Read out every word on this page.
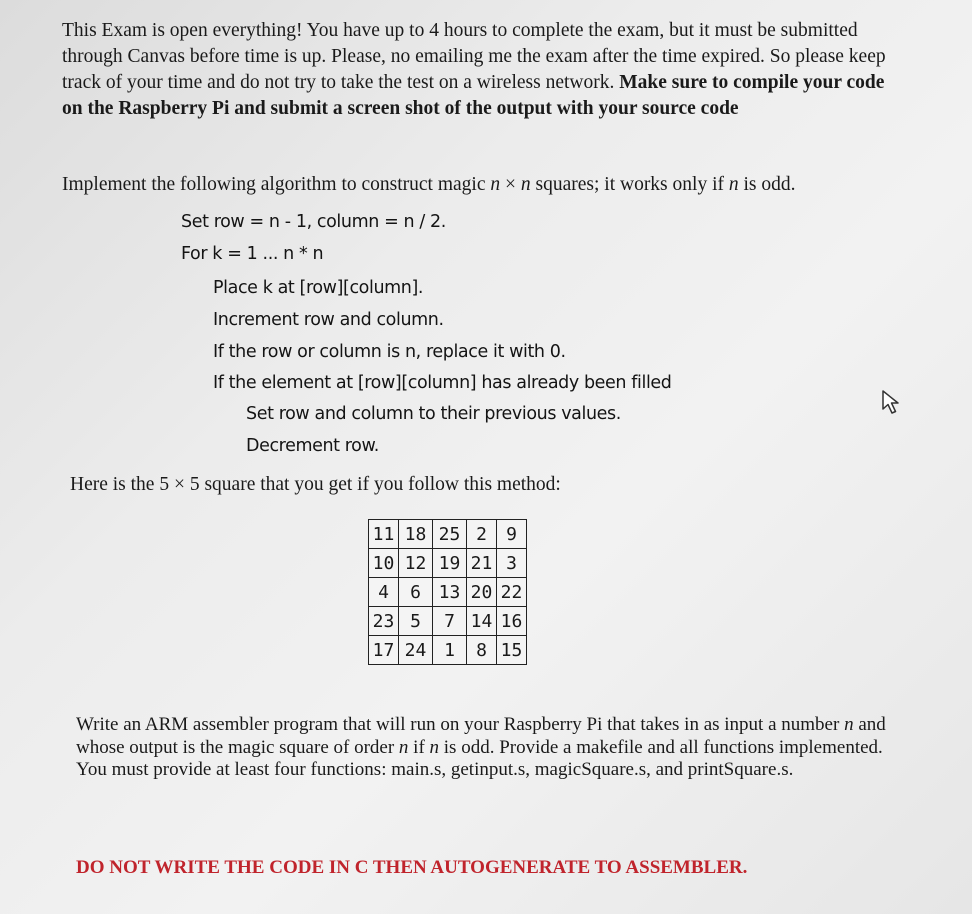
This Exam is open everything! You have up to 4 hours to complete the exam, but it must be submitted through Canvas before time is up. Please, no emailing me the exam after the time expired. So please keep track of your time and do not try to take the test on a wireless network. Make sure to compile your code on the Raspberry Pi and submit a screen shot of the output with your source code
Implement the following algorithm to construct magic n × n squares; it works only if n is odd.
Set row = n - 1, column = n / 2.
For k = 1 ... n * n
Place k at [row][column].
Increment row and column.
If the row or column is n, replace it with 0.
If the element at [row][column] has already been filled
Set row and column to their previous values.
Decrement row.
Here is the 5 × 5 square that you get if you follow this method:
11	18	25	2	9
10	12	19	21	3
4	6	13	20	22
23	5	7	14	16
17	24	1	8	15
Write an ARM assembler program that will run on your Raspberry Pi that takes in as input a number n and whose output is the magic square of order n if n is odd. Provide a makefile and all functions implemented. You must provide at least four functions: main.s, getinput.s, magicSquare.s, and printSquare.s.
DO NOT WRITE THE CODE IN C THEN AUTOGENERATE TO ASSEMBLER.
